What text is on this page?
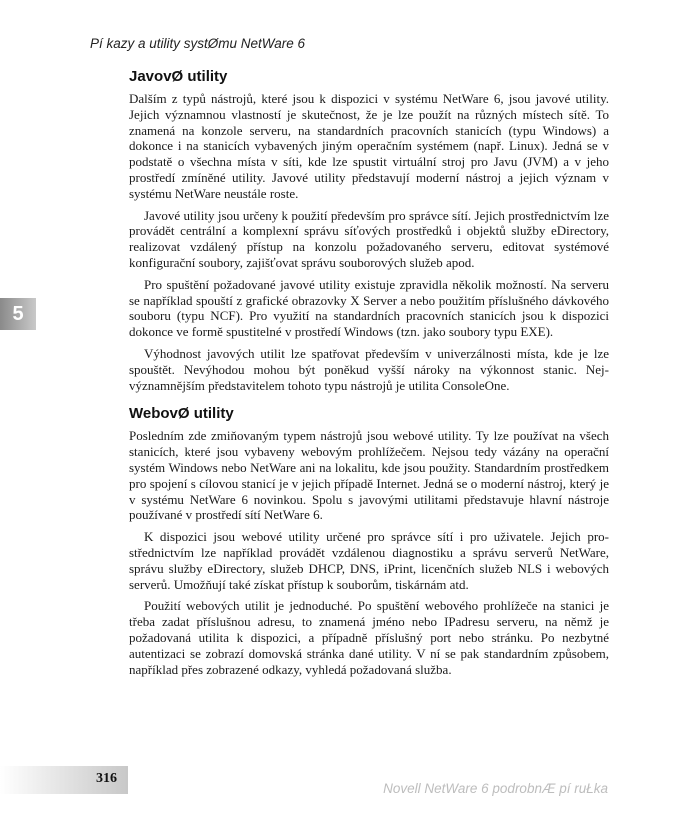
Pí kazy a utility systØmu NetWare 6
5
JavovØ utility

Dalším z typů nástrojů, které jsou k dispozici v systému NetWare 6, jsou javové utility. Jejich významnou vlastností je skutečnost, že je lze použít na různých místech sítě. To znamená na konzole serveru, na standardních pracovních stanicích (typu Windows) a dokonce i na stanicích vybavených jiným operačním systémem (např. Linux). Jedná se v podstatě o všechna místa v síti, kde lze spustit virtuální stroj pro Javu (JVM) a v jeho prostředí zmíněné utility. Javové utility představují moderní nástroj a jejich význam v systému NetWare neustále roste.

Javové utility jsou určeny k použití především pro správce sítí. Jejich prostřednictvím lze provádět centrální a komplexní správu síťových prostředků i objektů služby eDirectory, realizovat vzdálený přístup na konzolu požadovaného serveru, editovat systémové konfigurační soubory, zajišťovat správu souborových služeb apod.

Pro spuštění požadované javové utility existuje zpravidla několik možností. Na serveru se například spouští z grafické obrazovky X Server a nebo použitím příslušného dávkového souboru (typu NCF). Pro využití na standardních pracovních stanicích jsou k dispozici dokonce ve formě spustitelné v prostředí Windows (tzn. jako soubory typu EXE).

Výhodnost javových utilit lze spatřovat především v univerzálnosti místa, kde je lze spouštět. Nevýhodou mohou být poněkud vyšší nároky na výkonnost stanic. Nejvýznamnějším představitelem tohoto typu nástrojů je utilita ConsoleOne.

WebovØ utility

Posledním zde zmiňovaným typem nástrojů jsou webové utility. Ty lze používat na všech stanicích, které jsou vybaveny webovým prohlížečem. Nejsou tedy vázány na operační systém Windows nebo NetWare ani na lokalitu, kde jsou použity. Standardním prostředkem pro spojení s cílovou stanicí je v jejich případě Internet. Jedná se o moderní nástroj, který je v systému NetWare 6 novinkou. Spolu s javovými utilitami představuje hlavní nástroje používané v prostředí sítí NetWare 6.

K dispozici jsou webové utility určené pro správce sítí i pro uživatele. Jejich prostřednictvím lze například provádět vzdálenou diagnostiku a správu serverů NetWare, správu služby eDirectory, služeb DHCP, DNS, iPrint, licenčních služeb NLS i webových serverů. Umožňují také získat přístup k souborům, tiskárnám atd.

Použití webových utilit je jednoduché. Po spuštění webového prohlížeče na stanici je třeba zadat příslušnou adresu, to znamená jméno nebo IPadresu serveru, na němž je požadovaná utilita k dispozici, a případně příslušný port nebo stránku. Po nezbytné autentizaci se zobrazí domovská stránka dané utility. V ní se pak standardním způsobem, například přes zobrazené odkazy, vyhledá požadovaná služba.

316
Novell NetWare 6 podrobnÆ pí ruŁka
